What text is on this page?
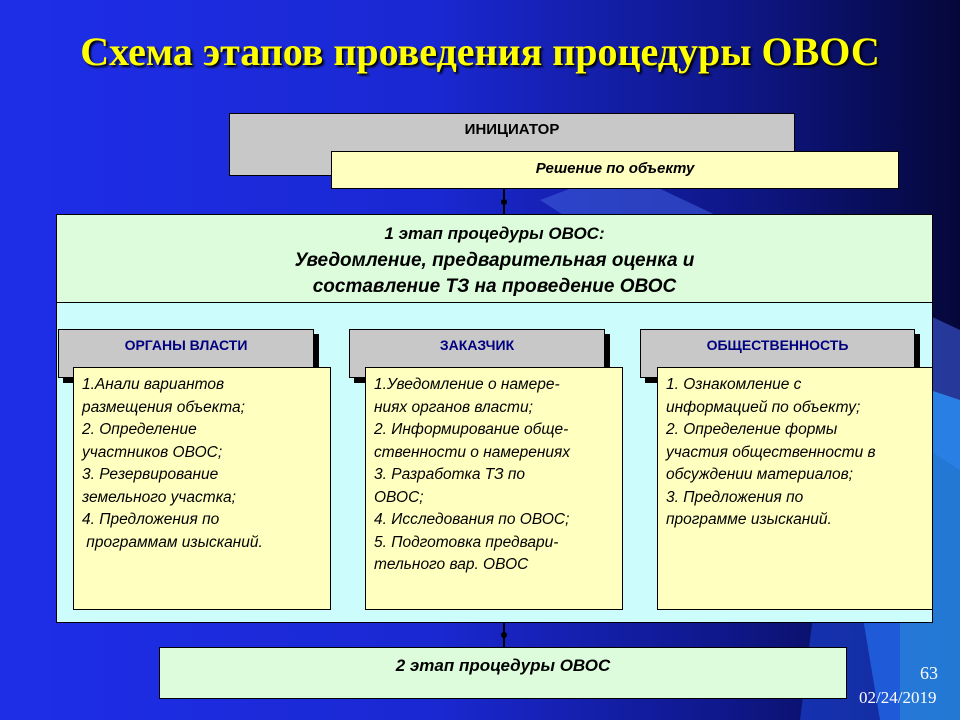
Схема этапов проведения процедуры ОВОС
ИНИЦИАТОР
Решение по объекту
1 этап процедуры ОВОС:
Уведомление, предварительная оценка и
составление ТЗ на проведение ОВОС
ОРГАНЫ ВЛАСТИ
1.Анали вариантов
размещения объекта;
2. Определение
участников ОВОС;
3. Резервирование
земельного участка;
4. Предложения по
программам изысканий.
ЗАКАЗЧИК
1.Уведомление о намере-
ниях органов власти;
2. Информирование обще-
ственности о намерениях
3. Разработка ТЗ по
ОВОС;
4. Исследования по ОВОС;
5. Подготовка предвари-
тельного вар. ОВОС
ОБЩЕСТВЕННОСТЬ
1. Ознакомление с
информацией по объекту;
2. Определение формы
участия общественности в
обсуждении материалов;
3. Предложения по
программе изысканий.
2 этап процедуры ОВОС	63
02/24/2019
